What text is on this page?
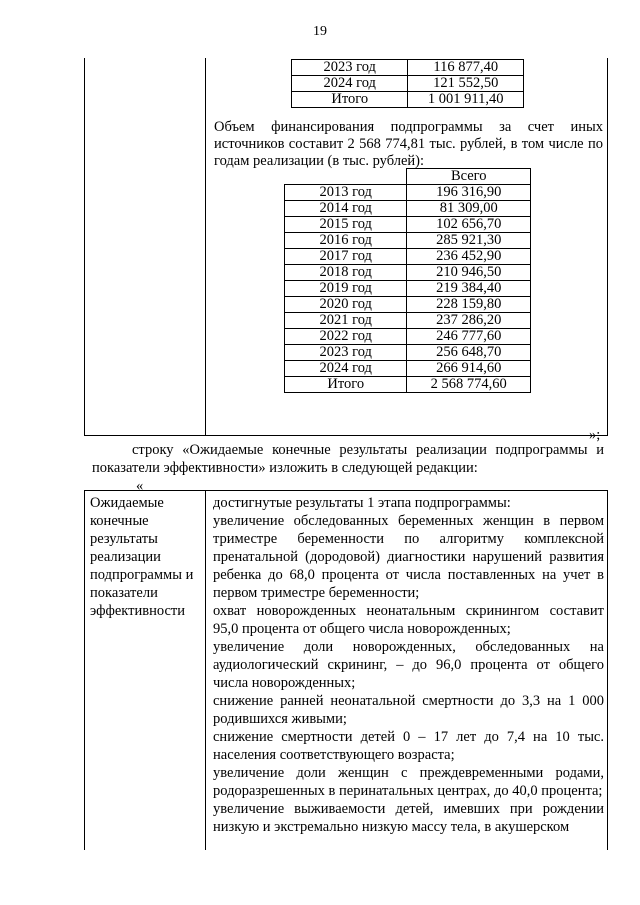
19
2023 год	116 877,40
2024 год	121 552,50
Итого	1 001 911,40
Объем финансирования подпрограммы за счет иных источников составит 2 568 774,81 тыс. рублей, в том числе по годам реализации (в тыс. рублей):
	Всего
2013 год	196 316,90
2014 год	81 309,00
2015 год	102 656,70
2016 год	285 921,30
2017 год	236 452,90
2018 год	210 946,50
2019 год	219 384,40
2020 год	228 159,80
2021 год	237 286,20
2022 год	246 777,60
2023 год	256 648,70
2024 год	266 914,60
Итого	2 568 774,60
»;
строку «Ожидаемые конечные результаты реализации подпрограммы и показатели эффективности» изложить в следующей редакции:
«
Ожидаемые конечные результаты реализации подпрограммы и показатели эффективности

достигнутые результаты 1 этапа подпрограммы:

увеличение обследованных беременных женщин в первом триместре беременности по алгоритму комплексной пренатальной (дородовой) диагностики нарушений развития ребенка до 68,0 процента от числа поставленных на учет в первом триместре беременности;

охват новорожденных неонатальным скринингом составит 95,0 процента от общего числа новорожденных;

увеличение доли новорожденных, обследованных на аудиологический скрининг, – до 96,0 процента от общего числа новорожденных;

снижение ранней неонатальной смертности до 3,3 на 1 000 родившихся живыми;

снижение смертности детей 0 – 17 лет до 7,4 на 10 тыс. населения соответствующего возраста;

увеличение доли женщин с преждевременными родами, родоразрешенных в перинатальных центрах, до 40,0 процента;

увеличение выживаемости детей, имевших при рождении низкую и экстремально низкую массу тела, в акушерском
